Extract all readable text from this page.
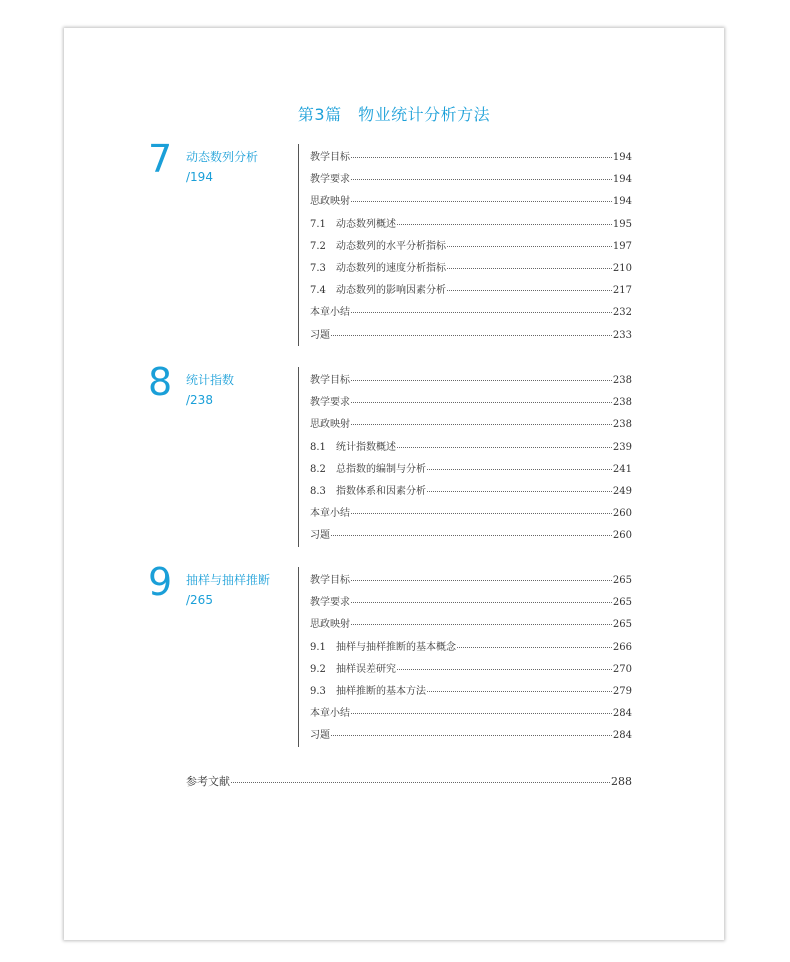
第3篇　物业统计分析方法
7 动态数列分析
/194
教学目标	194
教学要求	194
思政映射	194
7.1	动态数列概述	195
7.2	动态数列的水平分析指标	197
7.3	动态数列的速度分析指标	210
7.4	动态数列的影响因素分析	217
本章小结	232
习题	233
8 统计指数
/238
教学目标	238
教学要求	238
思政映射	238
8.1	统计指数概述	239
8.2	总指数的编制与分析	241
8.3	指数体系和因素分析	249
本章小结	260
习题	260
9 抽样与抽样推断
/265
教学目标	265
教学要求	265
思政映射	265
9.1	抽样与抽样推断的基本概念	266
9.2	抽样误差研究	270
9.3	抽样推断的基本方法	279
本章小结	284
习题	284
参考文献	288
